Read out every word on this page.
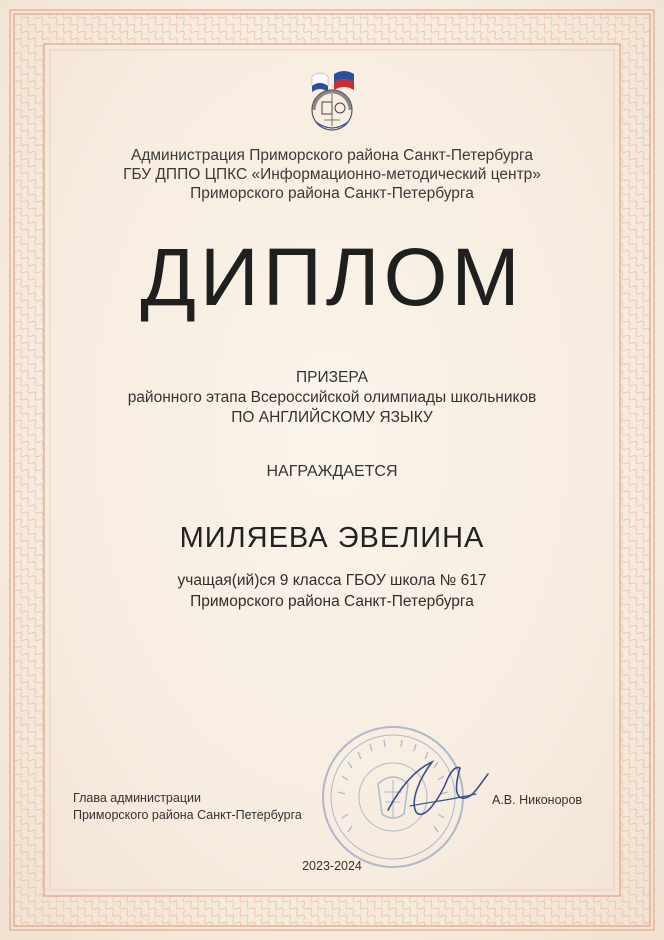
Администрация Приморского района Санкт-Петербурга
ГБУ ДППО ЦПКС «Информационно-методический центр»
Приморского района Санкт-Петербурга
ДИПЛОМ
ПРИЗЕРА
районного этапа Всероссийской олимпиады школьников
ПО АНГЛИЙСКОМУ ЯЗЫКУ
НАГРАЖДАЕТСЯ
МИЛЯЕВА ЭВЕЛИНА
учащая(ий)ся 9 класса ГБОУ школа № 617
Приморского района Санкт-Петербурга
Глава администрации
Приморского района Санкт-Петербурга
А.В. Никоноров
2023-2024
